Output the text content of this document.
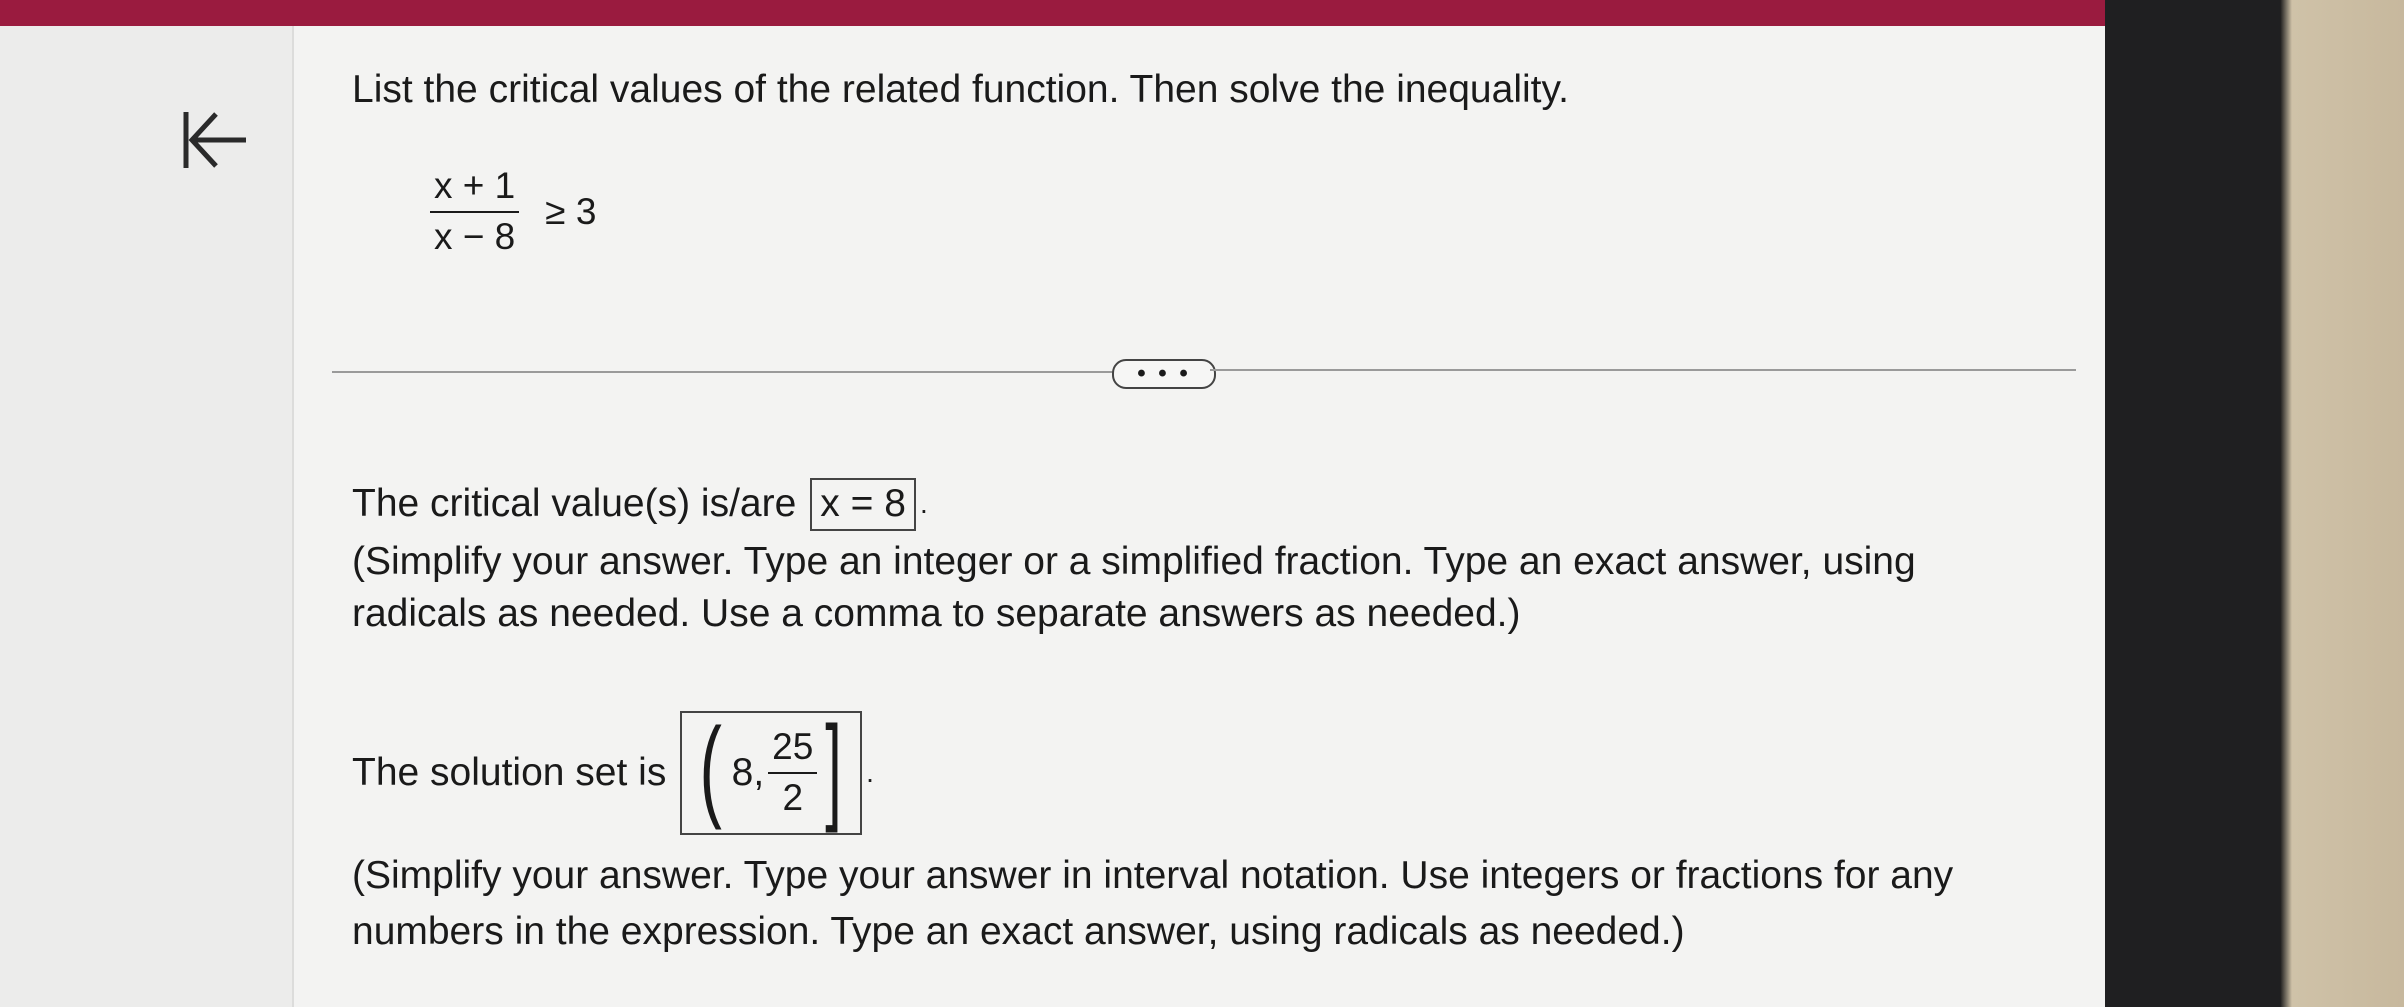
List the critical values of the related function. Then solve the inequality.
$\frac{x + 1}{x - 8} \ge 3$
• • •
The critical value(s) is/are x = 8 .
(Simplify your answer. Type an integer or a simplified fraction. Type an exact answer, using radicals as needed. Use a comma to separate answers as needed.)
The solution set is ( 8, $\frac{25}{2}$ ] .
(Simplify your answer. Type your answer in interval notation. Use integers or fractions for any numbers in the expression. Type an exact answer, using radicals as needed.)
